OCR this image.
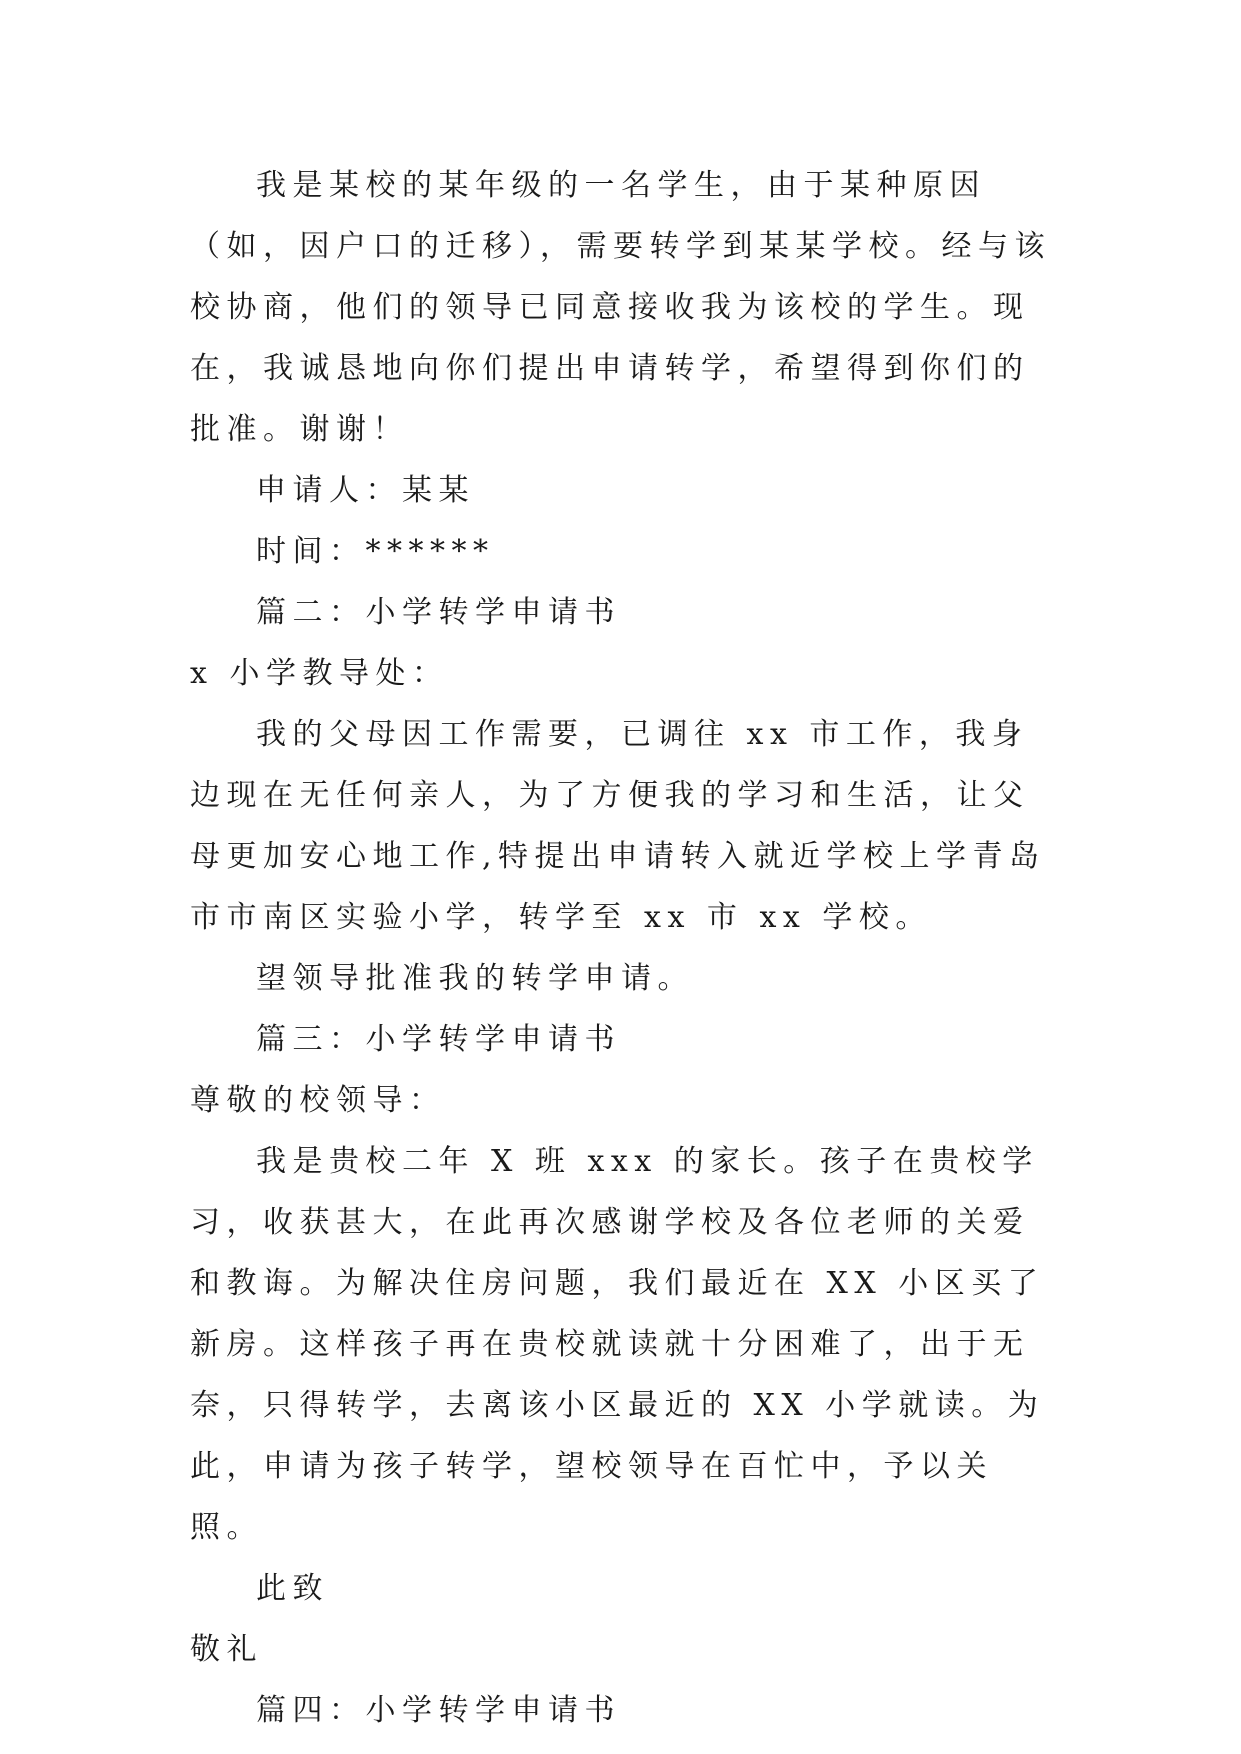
我是某校的某年级的一名学生，由于某种原因（如，因户口的迁移），需要转学到某某学校。经与该校协商，他们的领导已同意接收我为该校的学生。现在，我诚恳地向你们提出申请转学，希望得到你们的批准。谢谢！

申请人：某某

时间：******

篇二：小学转学申请书

x 小学教导处：

我的父母因工作需要，已调往 xx 市工作，我身边现在无任何亲人，为了方便我的学习和生活，让父母更加安心地工作,特提出申请转入就近学校上学青岛市市南区实验小学，转学至 xx 市 xx 学校。

望领导批准我的转学申请。

篇三：小学转学申请书

尊敬的校领导：

我是贵校二年 X 班 xxx 的家长。孩子在贵校学习，收获甚大，在此再次感谢学校及各位老师的关爱和教诲。为解决住房问题，我们最近在 XX 小区买了新房。这样孩子再在贵校就读就十分困难了，出于无奈，只得转学，去离该小区最近的 XX 小学就读。为此，申请为孩子转学，望校领导在百忙中，予以关照。

此致

敬礼

篇四：小学转学申请书
